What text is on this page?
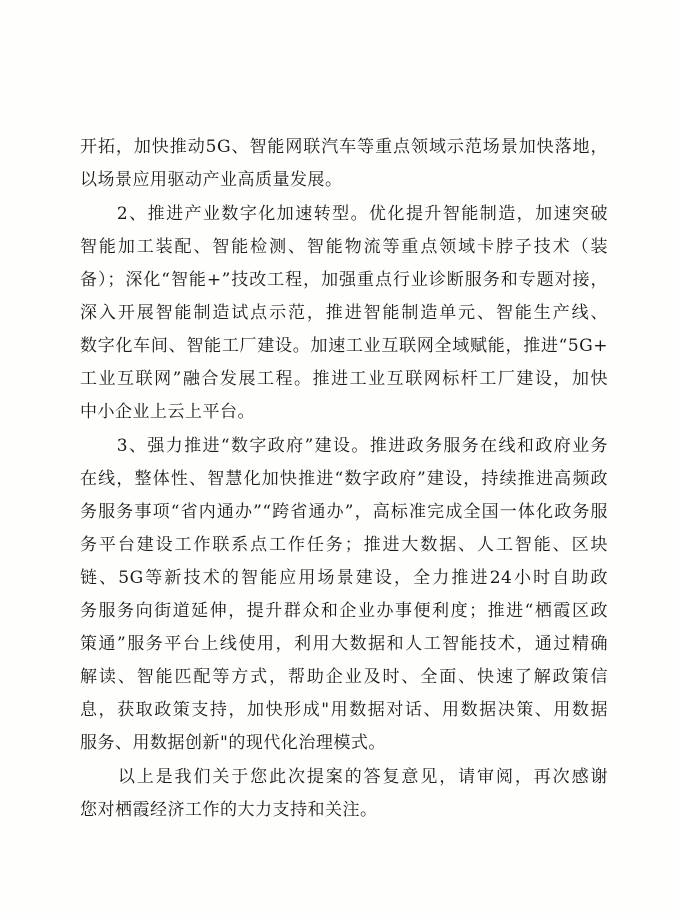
开拓，加快推动5G、智能网联汽车等重点领域示范场景加快落地，
以场景应用驱动产业高质量发展。
　　2、推进产业数字化加速转型。优化提升智能制造，加速突破
智能加工装配、智能检测、智能物流等重点领域卡脖子技术（装
备）；深化“智能+”技改工程，加强重点行业诊断服务和专题对接，
深入开展智能制造试点示范，推进智能制造单元、智能生产线、
数字化车间、智能工厂建设。加速工业互联网全域赋能，推进“5G+
工业互联网”融合发展工程。推进工业互联网标杆工厂建设，加快
中小企业上云上平台。
　　3、强力推进“数字政府”建设。推进政务服务在线和政府业务
在线，整体性、智慧化加快推进“数字政府”建设，持续推进高频政
务服务事项“省内通办”“跨省通办”，高标准完成全国一体化政务服
务平台建设工作联系点工作任务；推进大数据、人工智能、区块
链、5G等新技术的智能应用场景建设，全力推进24小时自助政
务服务向街道延伸，提升群众和企业办事便利度；推进“栖霞区政
策通”服务平台上线使用，利用大数据和人工智能技术，通过精确
解读、智能匹配等方式，帮助企业及时、全面、快速了解政策信
息，获取政策支持，加快形成"用数据对话、用数据决策、用数据
服务、用数据创新"的现代化治理模式。
　　以上是我们关于您此次提案的答复意见，请审阅，再次感谢
您对栖霞经济工作的大力支持和关注。
